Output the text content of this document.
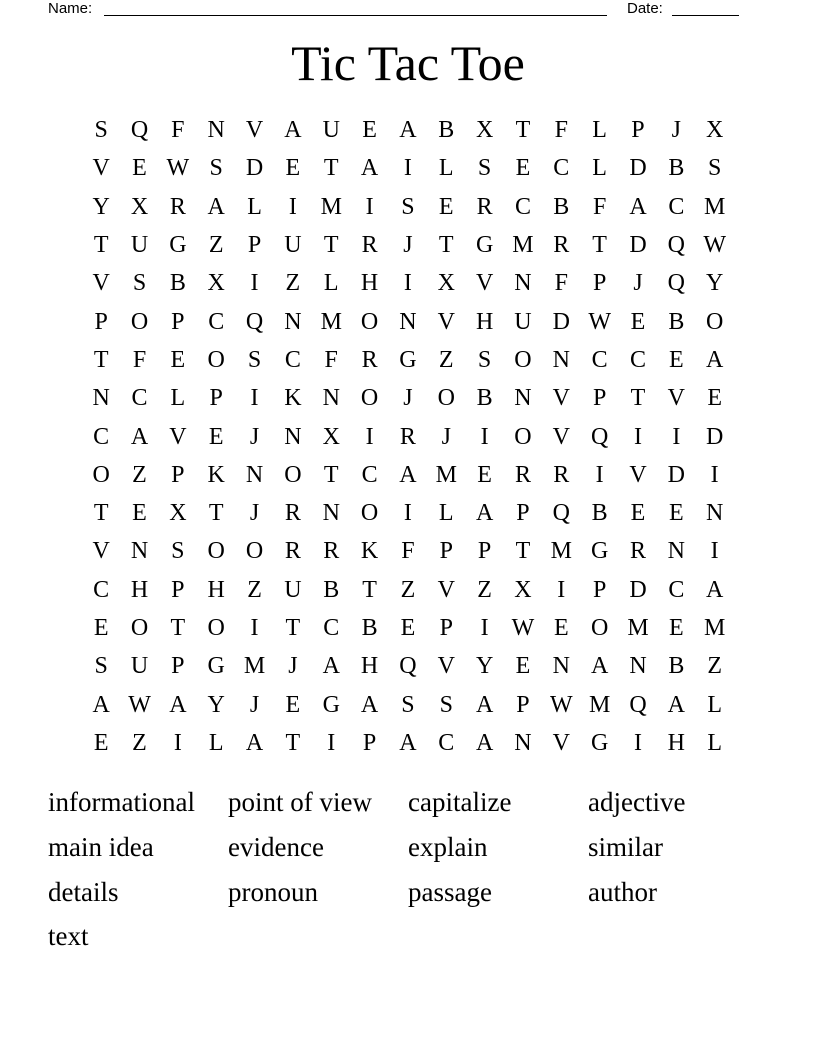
Name:	Date:
Tic Tac Toe
S Q F N V A U E A B X T	F	L	P	J	X
V E W S D E T A	I	L	S	E C L D B S
Y X R A L	I M I	S	E R C B F A C M
T U G Z	P U T R	J	T G M R T D Q W
V S B X	I	Z L H	I	X V N F	P	J	Q Y
P O P C Q N M O N V H U D W E B O
T	F	E O S C F R G Z	S O N C C E A
N C L	P	I	K N O	J	O B N V P	T V E
C A V E	J	N X	I	R	J	I	O V Q	I	I	D
O Z	P K N O T C A M E R R	I	V D	I
T E X T	J	R N O	I	L A P Q B E E N
V N S O O R R K F	P	P	T M G R N	I
C H P H Z U B T Z V Z X	I	P D C A
E O T O	I	T C B E	P	I W E O M E M
S U P G M J	A H Q V Y E N A N B Z
A W A Y	J	E G A S	S A P W M Q A L
E Z	I	L A T	I	P A C A N V G	I	H L
informational	point of view	capitalize	adjective
main idea	evidence	explain	similar
details	pronoun	passage	author
text
